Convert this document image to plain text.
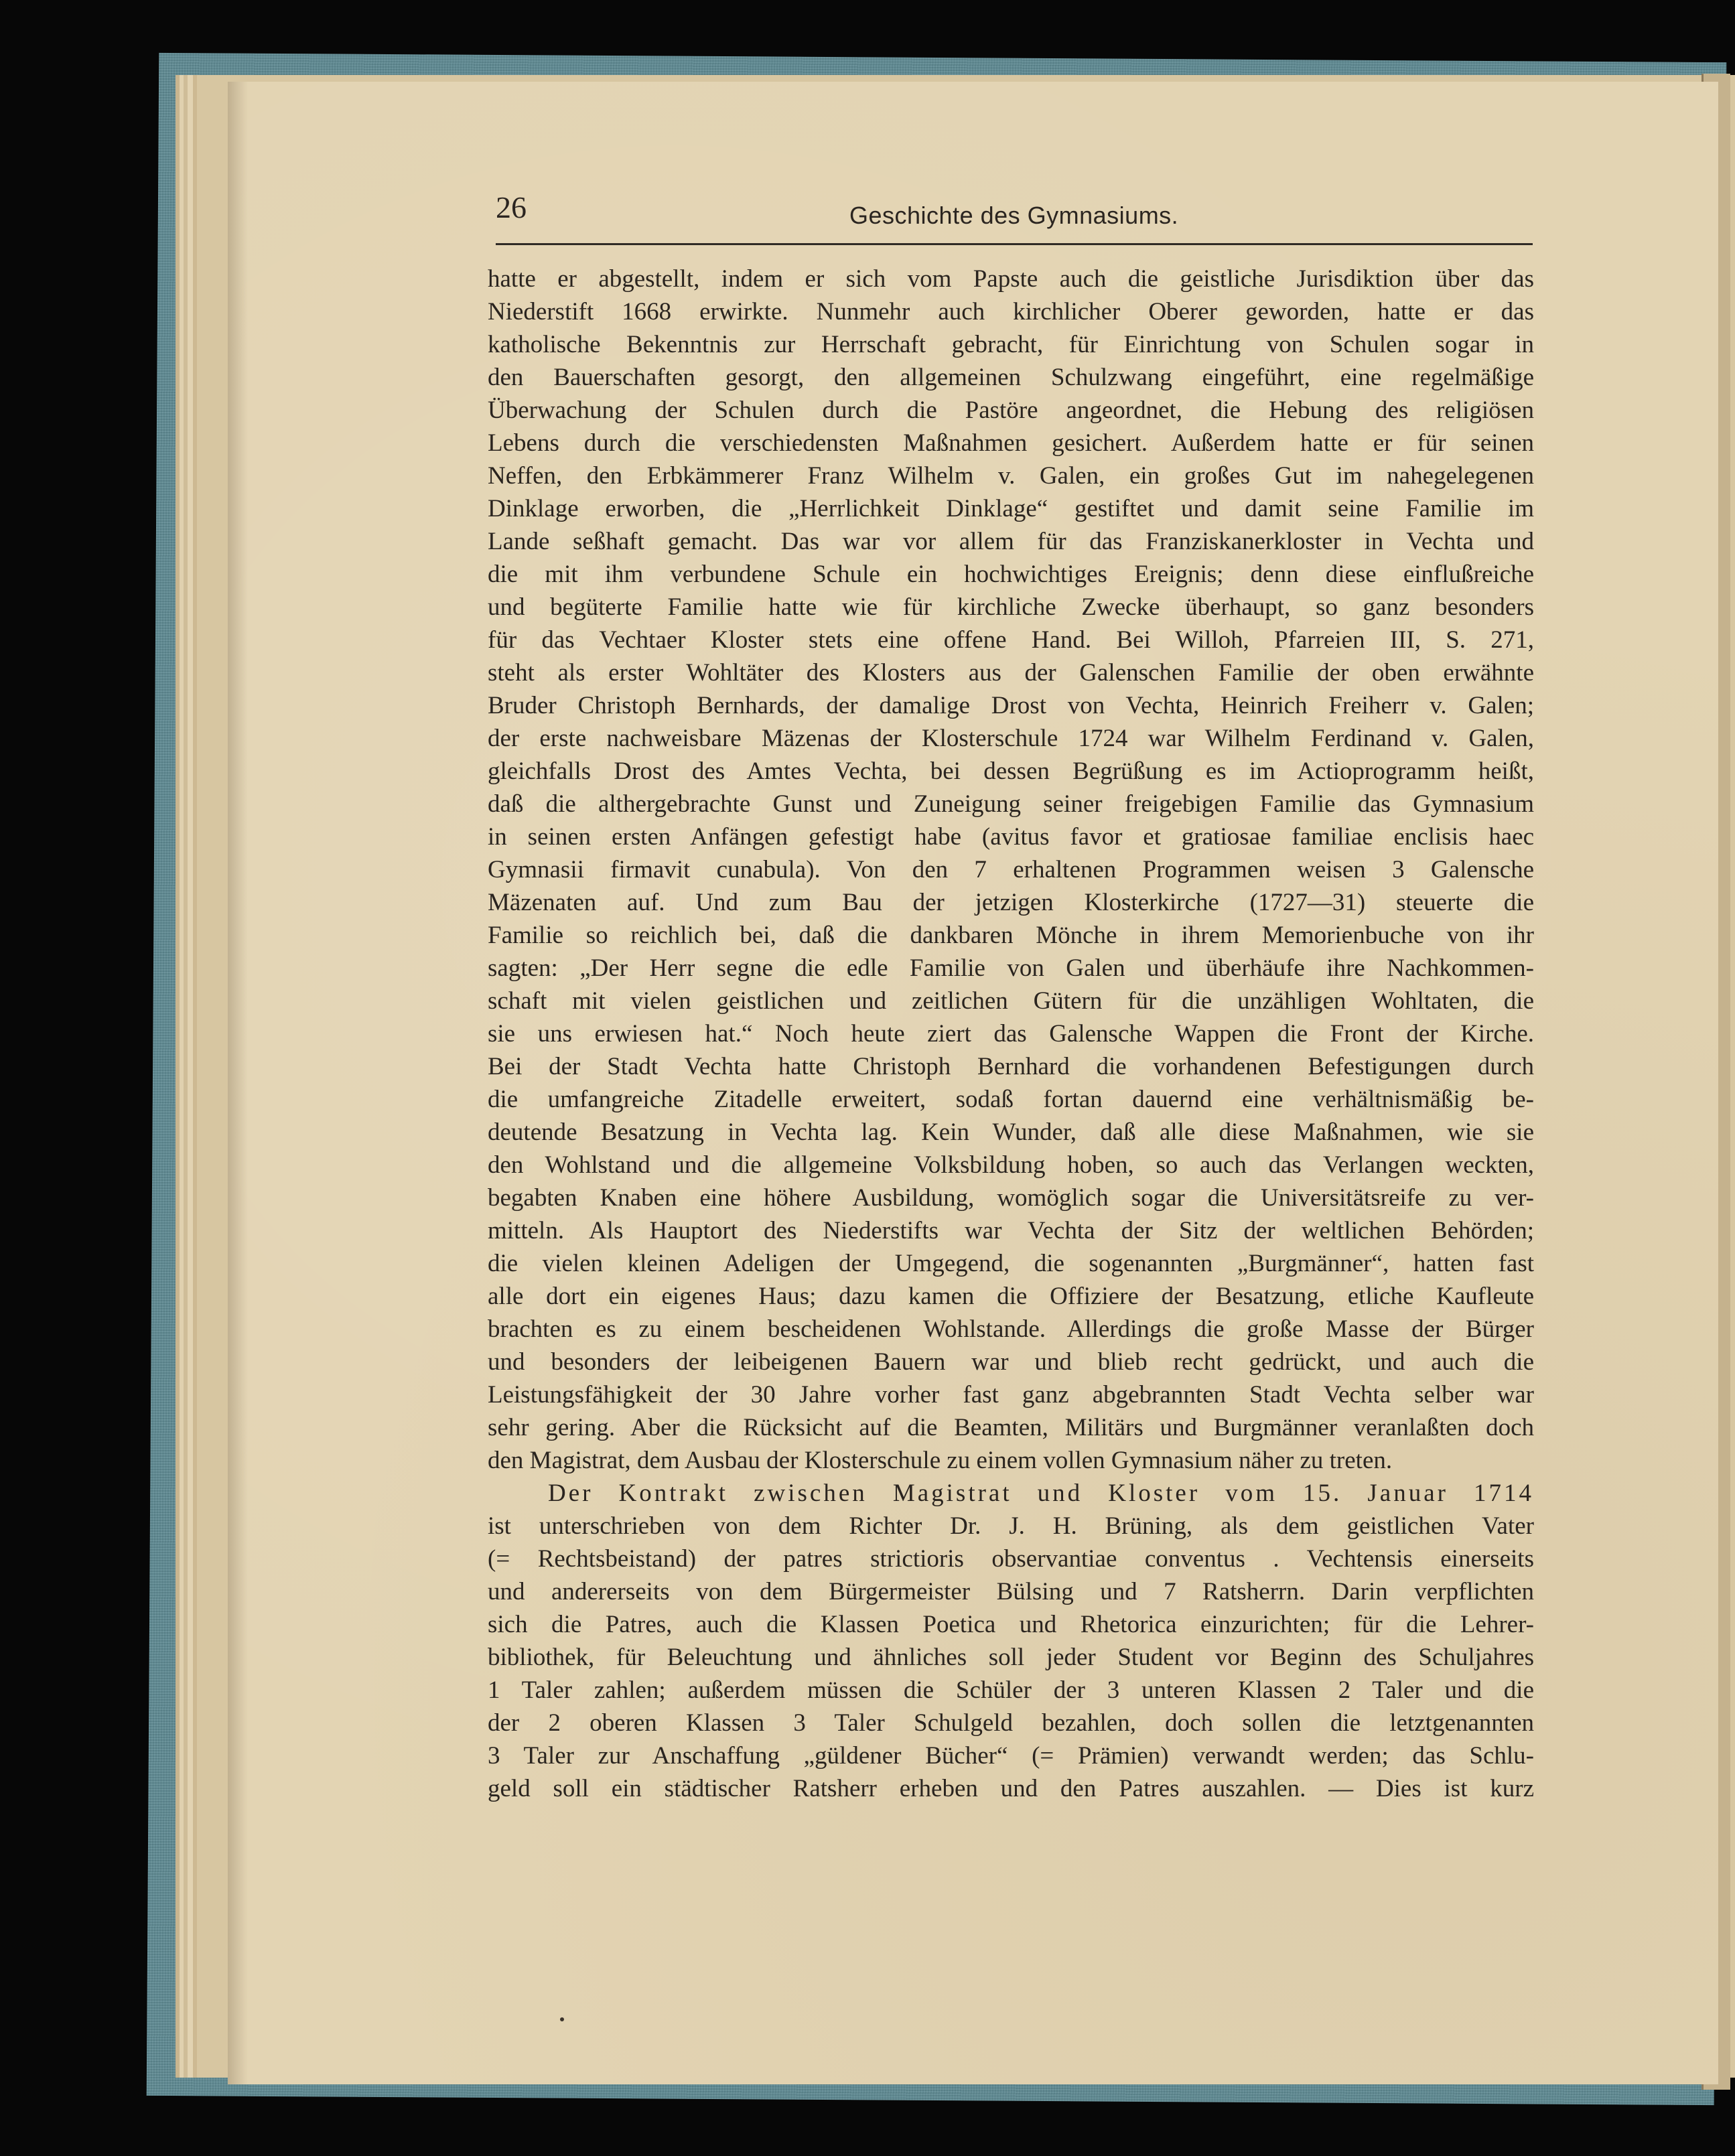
26	Geschichte des Gymnasiums.
hatte er abgestellt, indem er sich vom Papste auch die geistliche Jurisdiktion über das
Niederstift 1668 erwirkte. Nunmehr auch kirchlicher Oberer geworden, hatte er das
katholische Bekenntnis zur Herrschaft gebracht, für Einrichtung von Schulen sogar in
den Bauerschaften gesorgt, den allgemeinen Schulzwang eingeführt, eine regelmäßige
Überwachung der Schulen durch die Pastöre angeordnet, die Hebung des religiösen
Lebens durch die verschiedensten Maßnahmen gesichert. Außerdem hatte er für seinen
Neffen, den Erbkämmerer Franz Wilhelm v. Galen, ein großes Gut im nahegelegenen
Dinklage erworben, die „Herrlichkeit Dinklage“ gestiftet und damit seine Familie im
Lande seßhaft gemacht. Das war vor allem für das Franziskanerkloster in Vechta und
die mit ihm verbundene Schule ein hochwichtiges Ereignis; denn diese einflußreiche
und begüterte Familie hatte wie für kirchliche Zwecke überhaupt, so ganz besonders
für das Vechtaer Kloster stets eine offene Hand. Bei Willoh, Pfarreien III, S. 271,
steht als erster Wohltäter des Klosters aus der Galenschen Familie der oben erwähnte
Bruder Christoph Bernhards, der damalige Drost von Vechta, Heinrich Freiherr v. Galen;
der erste nachweisbare Mäzenas der Klosterschule 1724 war Wilhelm Ferdinand v. Galen,
gleichfalls Drost des Amtes Vechta, bei dessen Begrüßung es im Actioprogramm heißt,
daß die althergebrachte Gunst und Zuneigung seiner freigebigen Familie das Gymnasium
in seinen ersten Anfängen gefestigt habe (avitus favor et gratiosae familiae enclisis haec
Gymnasii firmavit cunabula). Von den 7 erhaltenen Programmen weisen 3 Galensche
Mäzenaten auf. Und zum Bau der jetzigen Klosterkirche (1727—31) steuerte die
Familie so reichlich bei, daß die dankbaren Mönche in ihrem Memorienbuche von ihr
sagten: „Der Herr segne die edle Familie von Galen und überhäufe ihre Nachkommen-
schaft mit vielen geistlichen und zeitlichen Gütern für die unzähligen Wohltaten, die
sie uns erwiesen hat.“ Noch heute ziert das Galensche Wappen die Front der Kirche.
Bei der Stadt Vechta hatte Christoph Bernhard die vorhandenen Befestigungen durch
die umfangreiche Zitadelle erweitert, sodaß fortan dauernd eine verhältnismäßig be-
deutende Besatzung in Vechta lag. Kein Wunder, daß alle diese Maßnahmen, wie sie
den Wohlstand und die allgemeine Volksbildung hoben, so auch das Verlangen weckten,
begabten Knaben eine höhere Ausbildung, womöglich sogar die Universitätsreife zu ver-
mitteln. Als Hauptort des Niederstifts war Vechta der Sitz der weltlichen Behörden;
die vielen kleinen Adeligen der Umgegend, die sogenannten „Burgmänner“, hatten fast
alle dort ein eigenes Haus; dazu kamen die Offiziere der Besatzung, etliche Kaufleute
brachten es zu einem bescheidenen Wohlstande. Allerdings die große Masse der Bürger
und besonders der leibeigenen Bauern war und blieb recht gedrückt, und auch die
Leistungsfähigkeit der 30 Jahre vorher fast ganz abgebrannten Stadt Vechta selber war
sehr gering. Aber die Rücksicht auf die Beamten, Militärs und Burgmänner veranlaßten doch
den Magistrat, dem Ausbau der Klosterschule zu einem vollen Gymnasium näher zu treten.
Der Kontrakt zwischen Magistrat und Kloster vom 15. Januar 1714
ist unterschrieben von dem Richter Dr. J. H. Brüning, als dem geistlichen Vater
(= Rechtsbeistand) der patres strictioris observantiae conventus . Vechtensis einerseits
und andererseits von dem Bürgermeister Bülsing und 7 Ratsherrn. Darin verpflichten
sich die Patres, auch die Klassen Poetica und Rhetorica einzurichten; für die Lehrer-
bibliothek, für Beleuchtung und ähnliches soll jeder Student vor Beginn des Schuljahres
1 Taler zahlen; außerdem müssen die Schüler der 3 unteren Klassen 2 Taler und die
der 2 oberen Klassen 3 Taler Schulgeld bezahlen, doch sollen die letztgenannten
3 Taler zur Anschaffung „güldener Bücher“ (= Prämien) verwandt werden; das Schlu-
geld soll ein städtischer Ratsherr erheben und den Patres auszahlen. — Dies ist kurz
